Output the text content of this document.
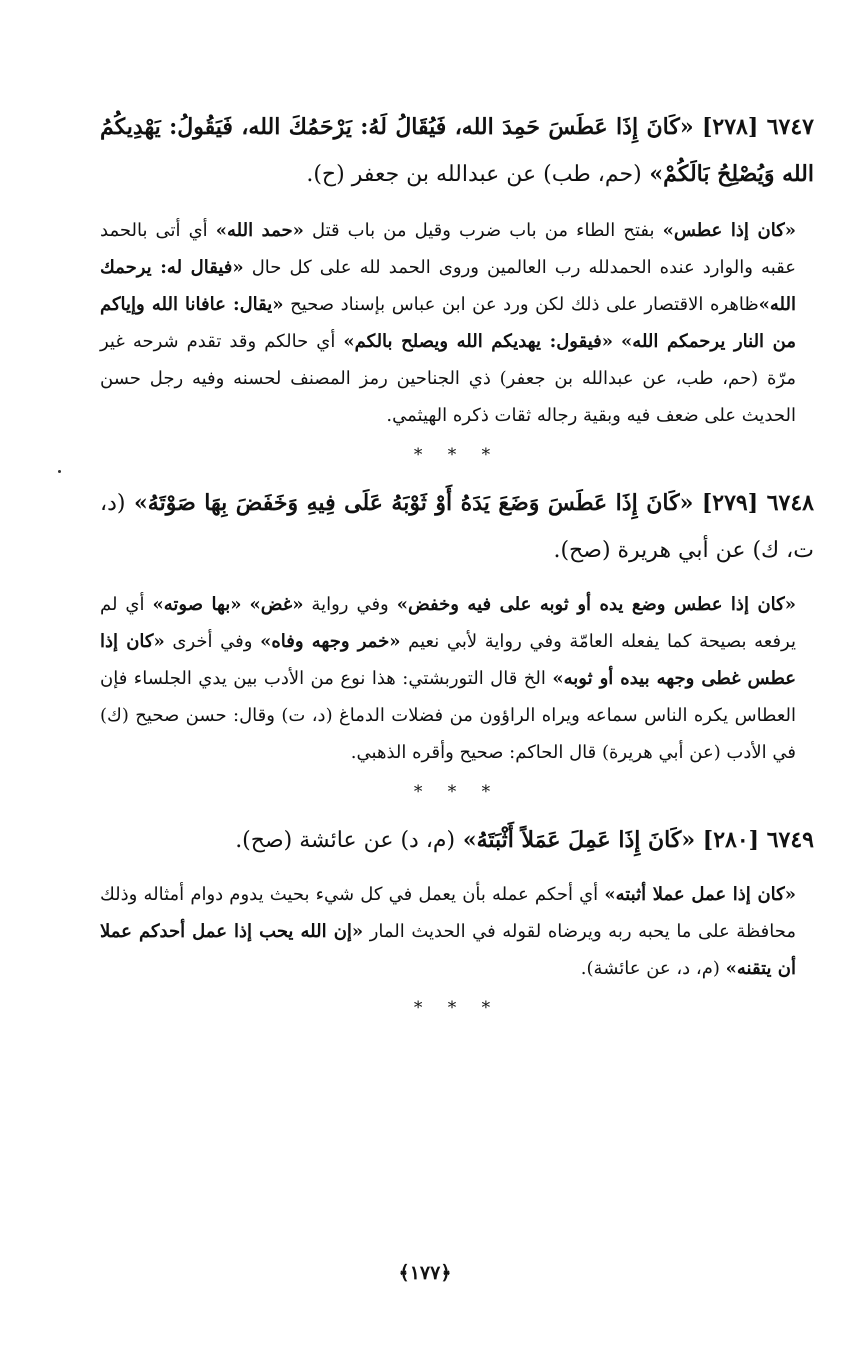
٦٧٤٧ [٢٧٨] «كَانَ إِذَا عَطَسَ حَمِدَ الله، فَيُقَالُ لَهُ: يَرْحَمُكَ الله، فَيَقُولُ: يَهْدِيكُمُ الله وَيُصْلِحُ بَالَكُمْ» (حم، طب) عن عبدالله بن جعفر (ح).

«كان إذا عطس» بفتح الطاء من باب ضرب وقيل من باب قتل «حمد الله» أي أتى بالحمد عقبه والوارد عنده الحمدلله رب العالمين وروى الحمد لله على كل حال «فيقال له: يرحمك الله»ظاهره الاقتصار على ذلك لكن ورد عن ابن عباس بإسناد صحيح «يقال: عافانا الله وإياكم من النار يرحمكم الله» «فيقول: يهديكم الله ويصلح بالكم» أي حالكم وقد تقدم شرحه غير مرّة (حم، طب، عن عبدالله بن جعفر) ذي الجناحين رمز المصنف لحسنه وفيه رجل حسن الحديث على ضعف فيه وبقية رجاله ثقات ذكره الهيثمي.

* * *

٦٧٤٨ [٢٧٩] «كَانَ إِذَا عَطَسَ وَضَعَ يَدَهُ أَوْ ثَوْبَهُ عَلَى فِيهِ وَخَفَضَ بِهَا صَوْتَهُ» (د، ت، ك) عن أبي هريرة (صح).

«كان إذا عطس وضع يده أو ثوبه على فيه وخفض» وفي رواية «غض» «بها صوته» أي لم يرفعه بصيحة كما يفعله العامّة وفي رواية لأبي نعيم «خمر وجهه وفاه» وفي أخرى «كان إذا عطس غطى وجهه بيده أو ثوبه» الخ قال التوربشتي: هذا نوع من الأدب بين يدي الجلساء فإن العطاس يكره الناس سماعه ويراه الراؤون من فضلات الدماغ (د، ت) وقال: حسن صحيح (ك) في الأدب (عن أبي هريرة) قال الحاكم: صحيح وأقره الذهبي.

* * *

٦٧٤٩ [٢٨٠] «كَانَ إِذَا عَمِلَ عَمَلاً أَثْبَتَهُ» (م، د) عن عائشة (صح).

«كان إذا عمل عملا أثبته» أي أحكم عمله بأن يعمل في كل شيء بحيث يدوم دوام أمثاله وذلك محافظة على ما يحبه ربه ويرضاه لقوله في الحديث المار «إن الله يحب إذا عمل أحدكم عملا أن يتقنه» (م، د، عن عائشة).

* * *
﴿١٧٧﴾
